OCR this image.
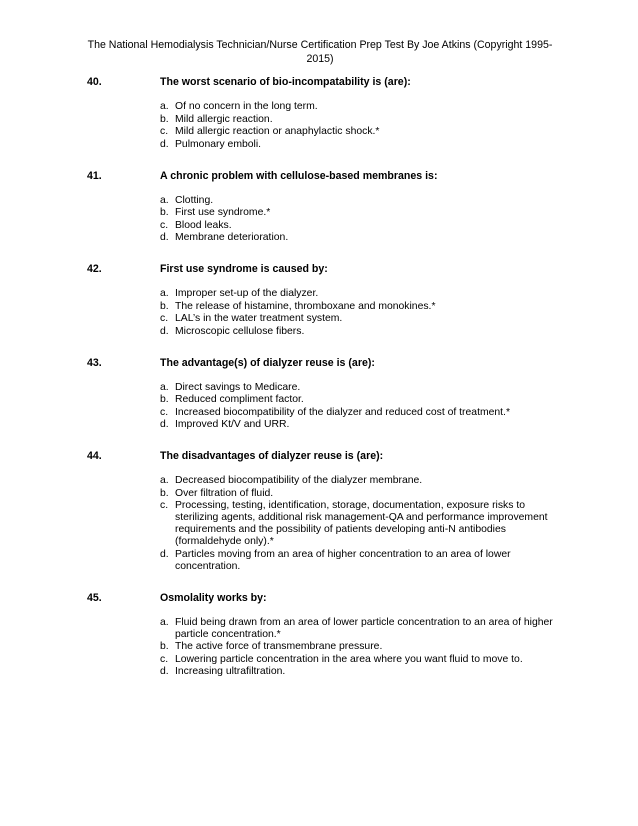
The National Hemodialysis Technician/Nurse Certification Prep Test By Joe Atkins (Copyright 1995-
2015)
40.	The worst scenario of bio-incompatability is (are):
a. Of no concern in the long term.
b. Mild allergic reaction.
c. Mild allergic reaction or anaphylactic shock.*
d. Pulmonary emboli.
41.	A chronic problem with cellulose-based membranes is:
a. Clotting.
b. First use syndrome.*
c. Blood leaks.
d. Membrane deterioration.
42.	First use syndrome is caused by:
a. Improper set-up of the dialyzer.
b. The release of histamine, thromboxane and monokines.*
c. LAL’s in the water treatment system.
d. Microscopic cellulose fibers.
43.	The advantage(s) of dialyzer reuse is (are):
a. Direct savings to Medicare.
b. Reduced compliment factor.
c. Increased biocompatibility of the dialyzer and reduced cost of treatment.*
d. Improved Kt/V and URR.
44.	The disadvantages of dialyzer reuse is (are):
a. Decreased biocompatibility of the dialyzer membrane.
b. Over filtration of fluid.
c. Processing, testing, identification, storage, documentation, exposure risks to sterilizing agents, additional risk management-QA and performance improvement requirements and the possibility of patients developing anti-N antibodies (formaldehyde only).*
d. Particles moving from an area of higher concentration to an area of lower concentration.
45.	Osmolality works by:
a. Fluid being drawn from an area of lower particle concentration to an area of higher particle concentration.*
b. The active force of transmembrane pressure.
c. Lowering particle concentration in the area where you want fluid to move to.
d. Increasing ultrafiltration.
